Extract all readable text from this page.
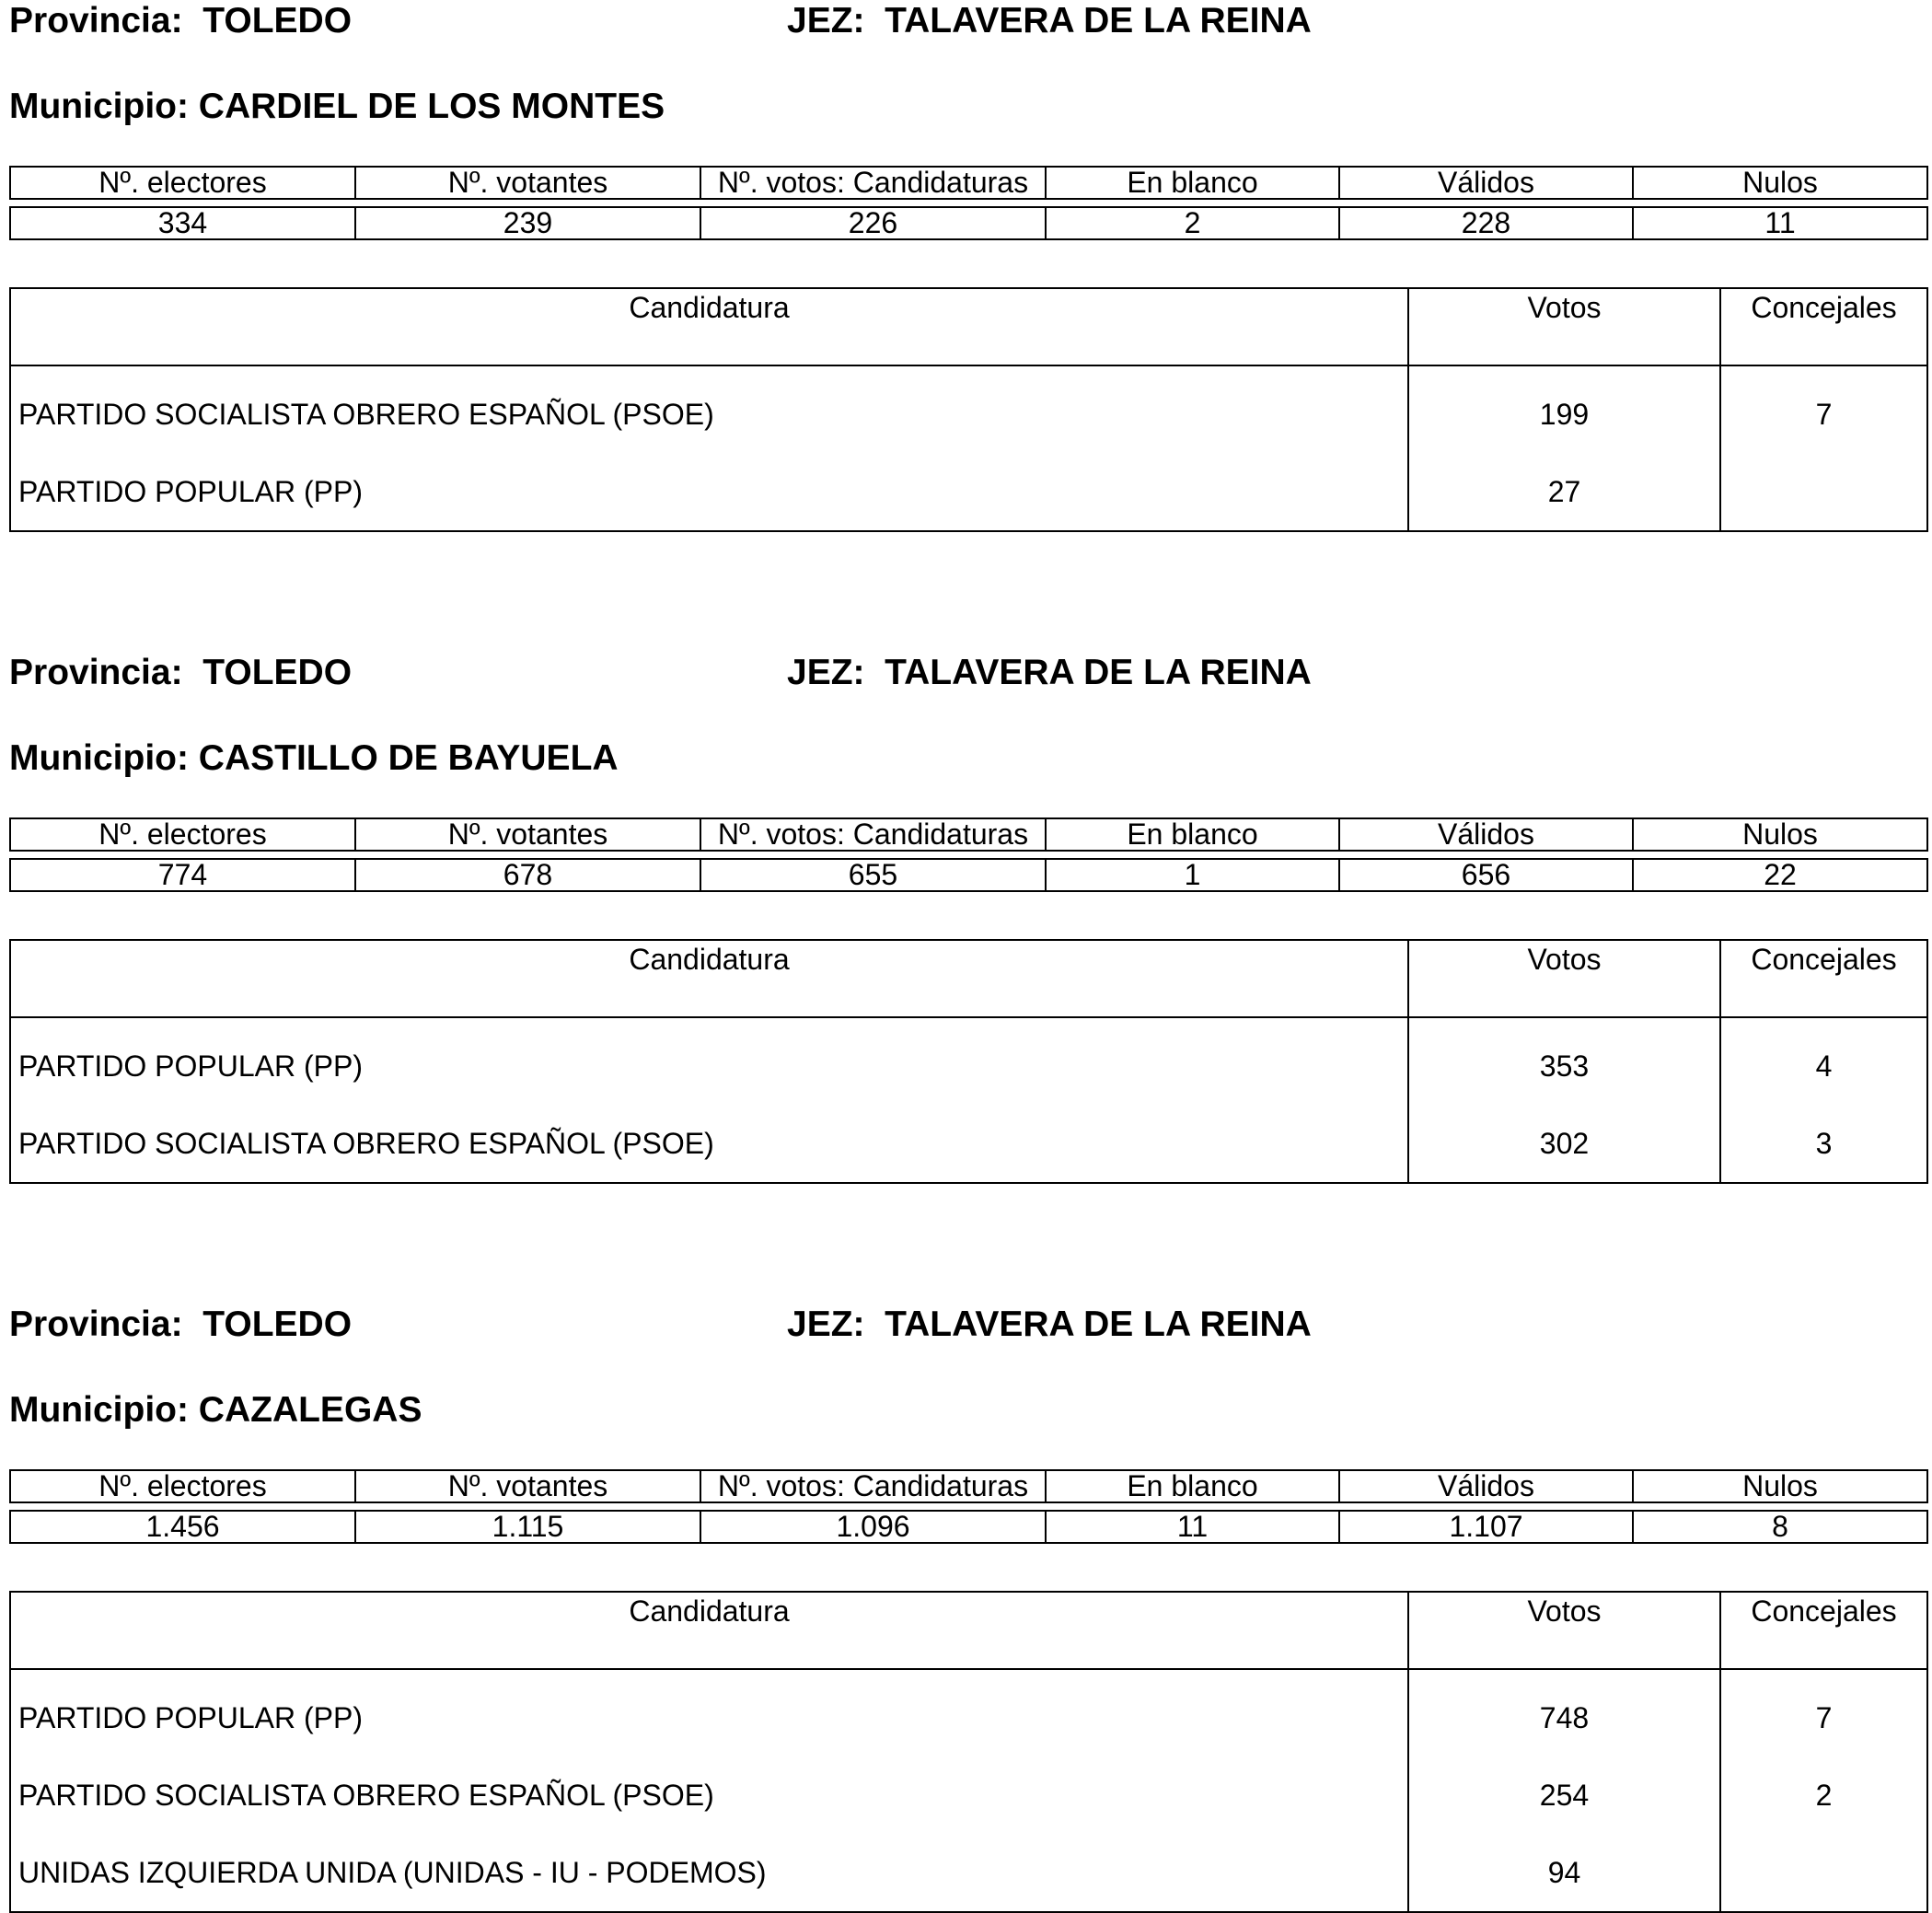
Provincia:  TOLEDO	JEZ:  TALAVERA DE LA REINA
Municipio: CARDIEL DE LOS MONTES
Nº. electores	Nº. votantes	Nº. votos: Candidaturas	En blanco	Válidos	Nulos
334	239	226	2	228	11
Candidatura	Votos	Concejales
PARTIDO SOCIALISTA OBRERO ESPAÑOL (PSOE)	199	7
PARTIDO POPULAR (PP)	27	
Provincia:  TOLEDO	JEZ:  TALAVERA DE LA REINA
Municipio: CASTILLO DE BAYUELA
Nº. electores	Nº. votantes	Nº. votos: Candidaturas	En blanco	Válidos	Nulos
774	678	655	1	656	22
Candidatura	Votos	Concejales
PARTIDO POPULAR (PP)	353	4
PARTIDO SOCIALISTA OBRERO ESPAÑOL (PSOE)	302	3
Provincia:  TOLEDO	JEZ:  TALAVERA DE LA REINA
Municipio: CAZALEGAS
Nº. electores	Nº. votantes	Nº. votos: Candidaturas	En blanco	Válidos	Nulos
1.456	1.115	1.096	11	1.107	8
Candidatura	Votos	Concejales
PARTIDO POPULAR (PP)	748	7
PARTIDO SOCIALISTA OBRERO ESPAÑOL (PSOE)	254	2
UNIDAS IZQUIERDA UNIDA (UNIDAS - IU - PODEMOS)	94	
